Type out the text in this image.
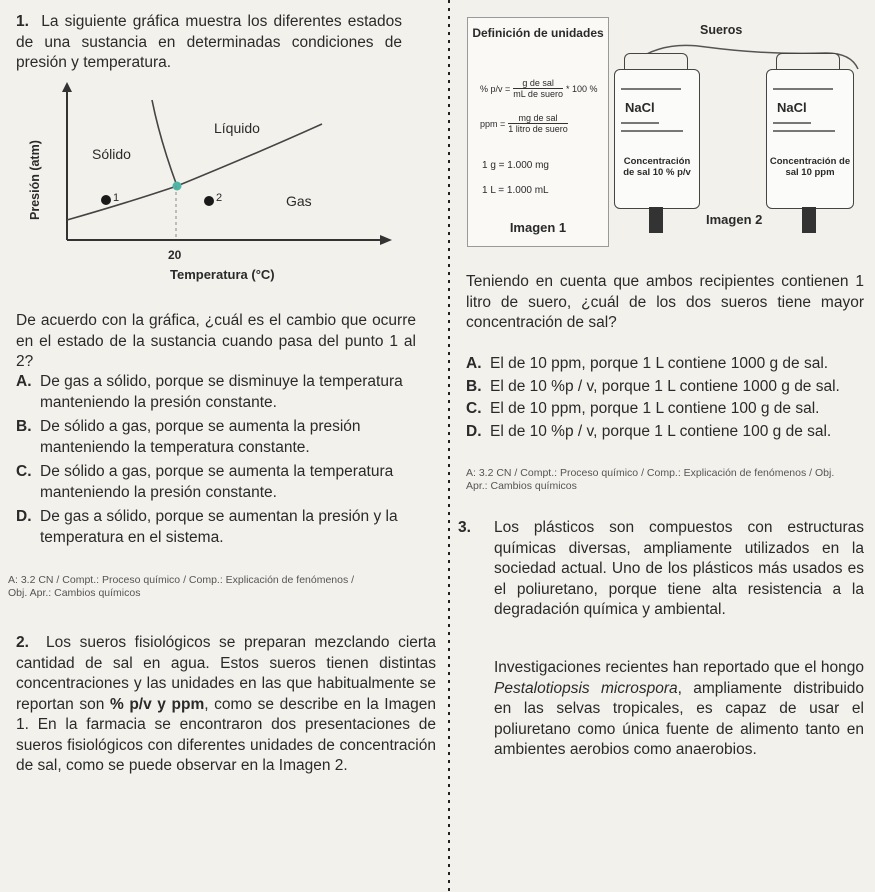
1. La siguiente gráfica muestra los diferentes estados de una sustancia en determinadas condiciones de presión y temperatura.
Presión (atm)
Líquido
Sólido
Gas
1	2
20
Temperatura (°C)
De acuerdo con la gráfica, ¿cuál es el cambio que ocurre en el estado de la sustancia cuando pasa del punto 1 al 2?
A. De gas a sólido, porque se disminuye la temperatura manteniendo la presión constante.
B. De sólido a gas, porque se aumenta la presión manteniendo la temperatura constante.
C. De sólido a gas, porque se aumenta la temperatura manteniendo la presión constante.
D. De gas a sólido, porque se aumentan la presión y la temperatura en el sistema.
A: 3.2 CN / Compt.: Proceso químico / Comp.: Explicación de fenómenos / Obj. Apr.: Cambios químicos
2. Los sueros fisiológicos se preparan mezclando cierta cantidad de sal en agua. Estos sueros tienen distintas concentraciones y las unidades en las que habitualmente se reportan son % p/v y ppm, como se describe en la Imagen 1. En la farmacia se encontraron dos presentaciones de sueros fisiológicos con diferentes unidades de concentración de sal, como se puede observar en la Imagen 2.
Definición de unidades
% p/v =
g de sal
mL de suero
* 100 %
ppm =
mg de sal
1 litro de suero
1 g = 1.000 mg
1 L = 1.000 mL
Imagen 1
Sueros
NaCl
Concentración de sal 10 % p/v
NaCl
Concentración de sal 10 ppm
Imagen 2
Teniendo en cuenta que ambos recipientes contienen 1 litro de suero, ¿cuál de los dos sueros tiene mayor concentración de sal?
A. El de 10 ppm, porque 1 L contiene 1000 g de sal.
B. El de 10 %p / v, porque 1 L contiene 1000 g de sal.
C. El de 10 ppm, porque 1 L contiene 100 g de sal.
D. El de 10 %p / v, porque 1 L contiene 100 g de sal.
A: 3.2 CN / Compt.: Proceso químico / Comp.: Explicación de fenómenos / Obj. Apr.: Cambios químicos
3.	Los plásticos son compuestos con estructuras químicas diversas, ampliamente utilizados en la sociedad actual. Uno de los plásticos más usados es el poliuretano, porque tiene alta resistencia a la degradación química y ambiental.
Investigaciones recientes han reportado que el hongo Pestalotiopsis microspora, ampliamente distribuido en las selvas tropicales, es capaz de usar el poliuretano como única fuente de alimento tanto en ambientes aerobios como anaerobios.
